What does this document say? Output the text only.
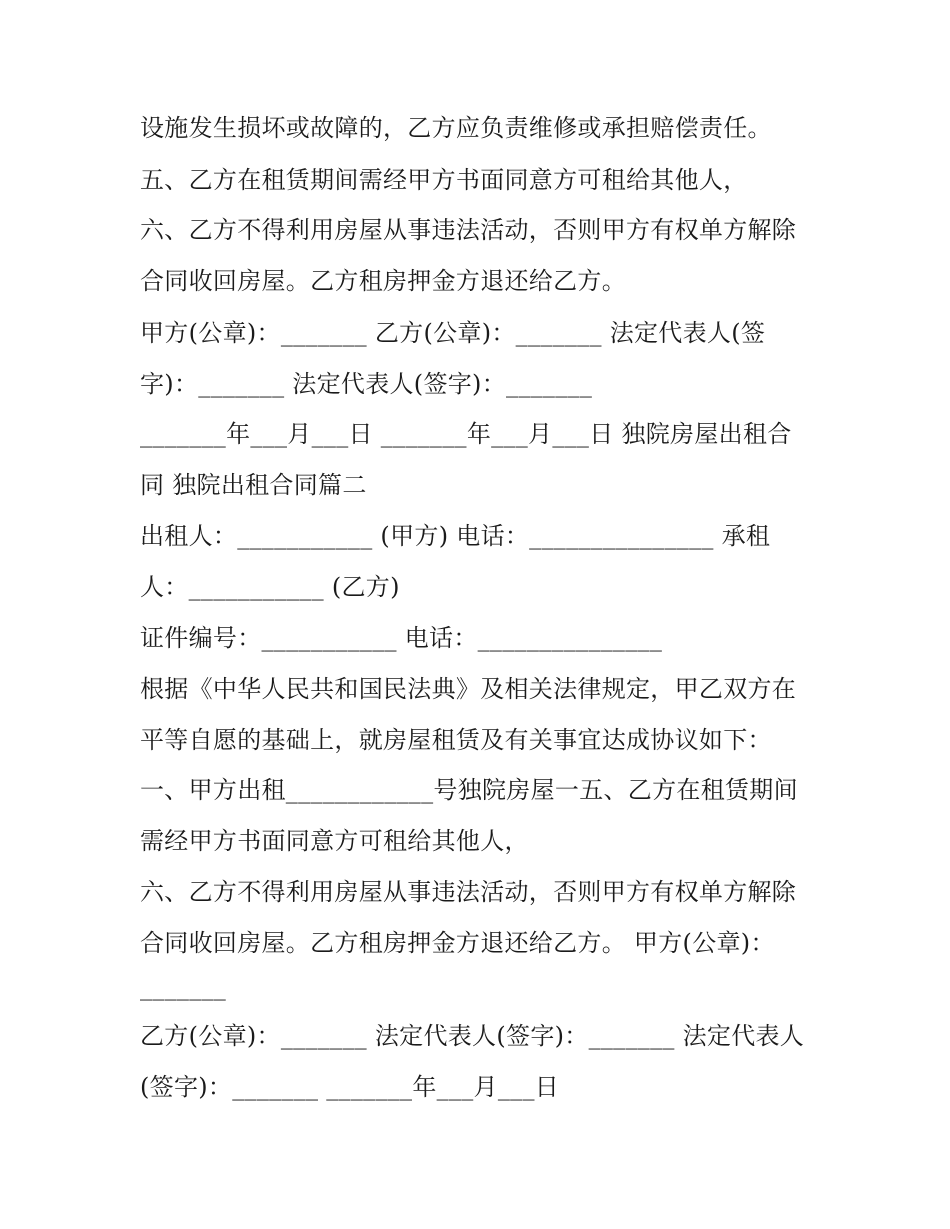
设施发生损坏或故障的，乙方应负责维修或承担赔偿责任。

五、乙方在租赁期间需经甲方书面同意方可租给其他人，

六、乙方不得利用房屋从事违法活动，否则甲方有权单方解除

合同收回房屋。乙方租房押金方退还给乙方。

甲方(公章)：_______ 乙方(公章)：_______ 法定代表人(签

字)：_______ 法定代表人(签字)：_______

_______年___月___日 _______年___月___日 独院房屋出租合

同 独院出租合同篇二

出租人：___________ (甲方) 电话：_______________ 承租

人：___________ (乙方)

证件编号：___________ 电话：_______________

根据《中华人民共和国民法典》及相关法律规定，甲乙双方在

平等自愿的基础上，就房屋租赁及有关事宜达成协议如下：

一、甲方出租____________号独院房屋一五、乙方在租赁期间

需经甲方书面同意方可租给其他人，

六、乙方不得利用房屋从事违法活动，否则甲方有权单方解除

合同收回房屋。乙方租房押金方退还给乙方。 甲方(公章)：

_______

乙方(公章)：_______ 法定代表人(签字)：_______ 法定代表人

(签字)：_______ _______年___月___日
